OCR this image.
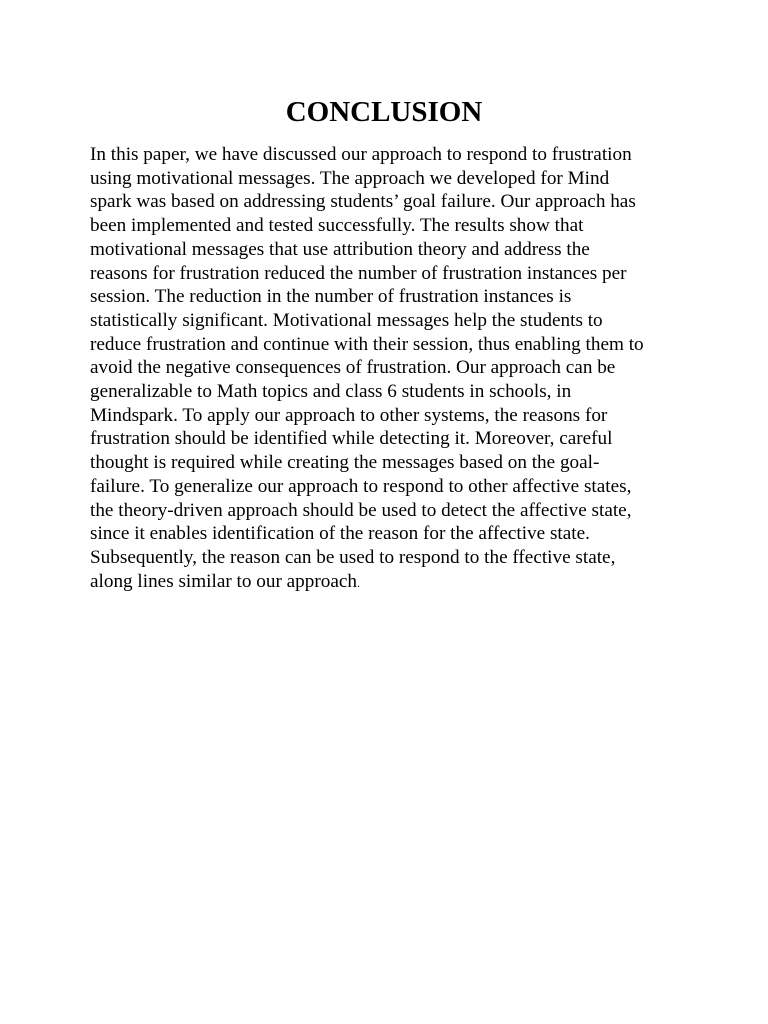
CONCLUSION

In this paper, we have discussed our approach to respond to frustration
using motivational messages. The approach we developed for Mind
spark was based on addressing students’ goal failure. Our approach has
been implemented and tested successfully. The results show that
motivational messages that use attribution theory and address the
reasons for frustration reduced the number of frustration instances per
session. The reduction in the number of frustration instances is
statistically significant. Motivational messages help the students to
reduce frustration and continue with their session, thus enabling them to
avoid the negative consequences of frustration. Our approach can be
generalizable to Math topics and class 6 students in schools, in
Mindspark. To apply our approach to other systems, the reasons for
frustration should be identified while detecting it. Moreover, careful
thought is required while creating the messages based on the goal-
failure. To generalize our approach to respond to other affective states,
the theory-driven approach should be used to detect the affective state,
since it enables identification of the reason for the affective state.
Subsequently, the reason can be used to respond to the ffective state,
along lines similar to our approach.
